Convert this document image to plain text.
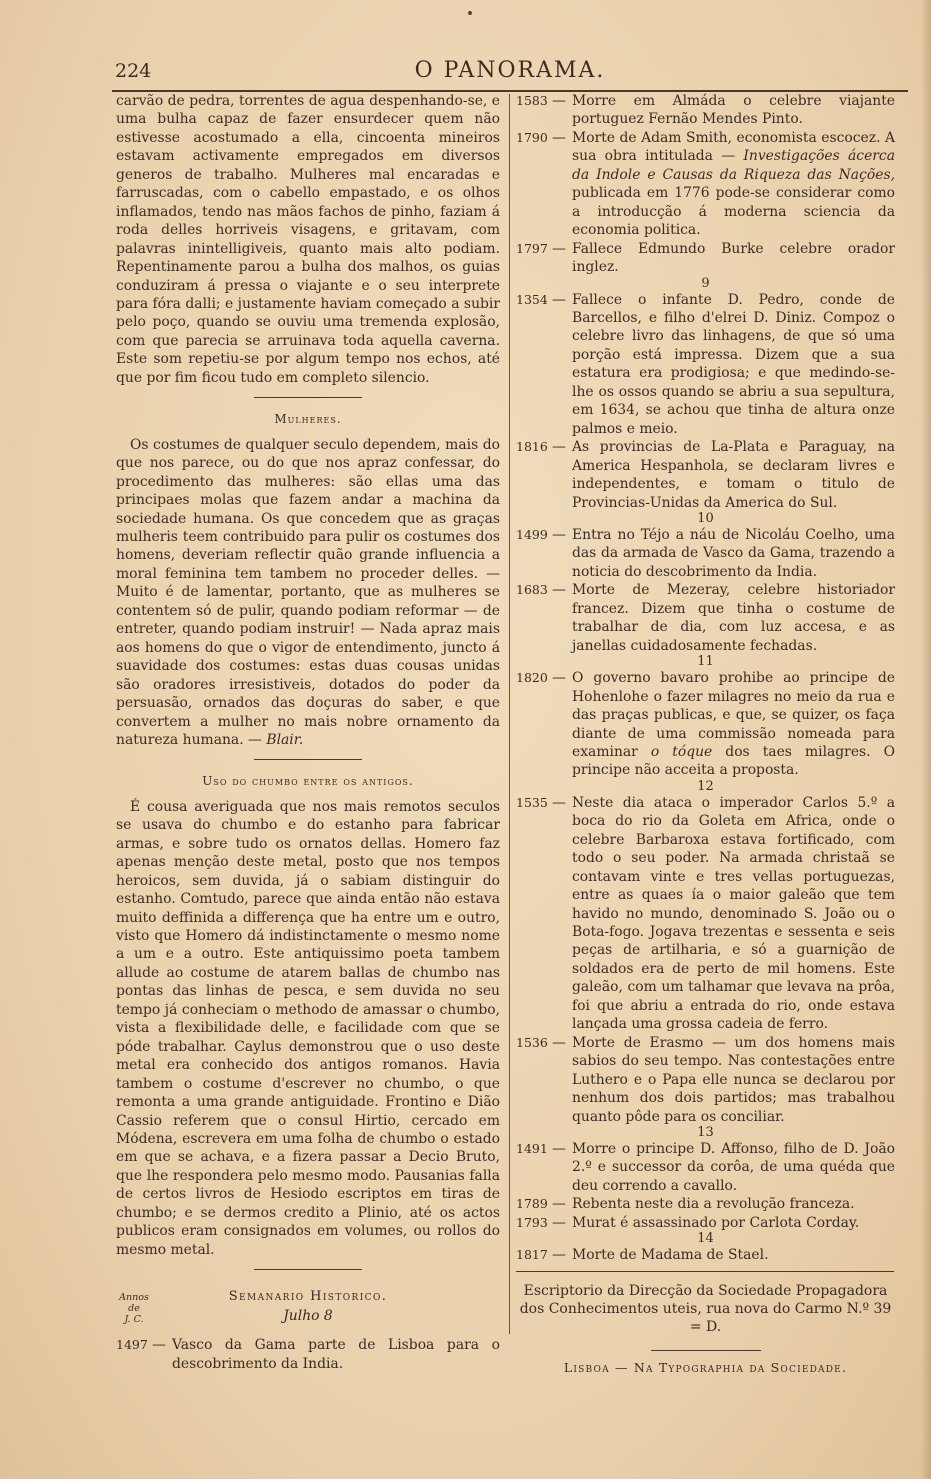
224	O PANORAMA.

carvão de pedra, torrentes de agua despenhando-se, e uma bulha capaz de fazer ensurdecer quem não estivesse acostumado a ella, cincoenta mineiros estavam activamente empregados em diversos generos de trabalho. Mulheres mal encaradas e farruscadas, com o cabello empastado, e os olhos inflamados, tendo nas mãos fachos de pinho, faziam á roda delles horriveis visagens, e gritavam, com palavras inintelligiveis, quanto mais alto podiam. Repentinamente parou a bulha dos malhos, os guias conduziram á pressa o viajante e o seu interprete para fóra dalli; e justamente haviam começado a subir pelo poço, quando se ouviu uma tremenda explosão, com que parecia se arruinava toda aquella caverna. Este som repetiu-se por algum tempo nos echos, até que por fim ficou tudo em completo silencio.

Mulheres.

Os costumes de qualquer seculo dependem, mais do que nos parece, ou do que nos apraz confessar, do procedimento das mulheres: são ellas uma das principaes molas que fazem andar a machina da sociedade humana. Os que concedem que as graças mulheris teem contribuido para pulir os costumes dos homens, deveriam reflectir quão grande influencia a moral feminina tem tambem no proceder delles. — Muito é de lamentar, portanto, que as mulheres se contentem só de pulir, quando podiam reformar — de entreter, quando podiam instruir! — Nada apraz mais aos homens do que o vigor de entendimento, juncto á suavidade dos costumes: estas duas cousas unidas são oradores irresistiveis, dotados do poder da persuasão, ornados das doçuras do saber, e que convertem a mulher no mais nobre ornamento da natureza humana. — Blair.

Uso do chumbo entre os antigos.

É cousa averiguada que nos mais remotos seculos se usava do chumbo e do estanho para fabricar armas, e sobre tudo os ornatos dellas. Homero faz apenas menção deste metal, posto que nos tempos heroicos, sem duvida, já o sabiam distinguir do estanho. Comtudo, parece que ainda então não estava muito deffinida a differença que ha entre um e outro, visto que Homero dá indistinctamente o mesmo nome a um e a outro. Este antiquissimo poeta tambem allude ao costume de atarem ballas de chumbo nas pontas das linhas de pesca, e sem duvida no seu tempo já conheciam o methodo de amassar o chumbo, vista a flexibilidade delle, e facilidade com que se póde trabalhar. Caylus demonstrou que o uso deste metal era conhecido dos antigos romanos. Havia tambem o costume d'escrever no chumbo, o que remonta a uma grande antiguidade. Frontino e Dião Cassio referem que o consul Hirtio, cercado em Módena, escrevera em uma folha de chumbo o estado em que se achava, e a fizera passar a Decio Bruto, que lhe respondera pelo mesmo modo. Pausanias falla de certos livros de Hesiodo escriptos em tiras de chumbo; e se dermos credito a Plinio, até os actos publicos eram consignados em volumes, ou rollos do mesmo metal.

Annos
de
J. C.
Semanario Historico.
Julho 8
1497 — Vasco da Gama parte de Lisboa para o descobrimento da India.
1583 — Morre em Almáda o celebre viajante portuguez Fernão Mendes Pinto.
1790 — Morte de Adam Smith, economista escocez. A sua obra intitulada — Investigações ácerca da Indole e Causas da Riqueza das Nações, publicada em 1776 pode-se considerar como a introducção á moderna sciencia da economia politica.
1797 — Fallece Edmundo Burke celebre orador inglez.
9
1354 — Fallece o infante D. Pedro, conde de Barcellos, e filho d'elrei D. Diniz. Compoz o celebre livro das linhagens, de que só uma porção está impressa. Dizem que a sua estatura era prodigiosa; e que medindo-se-lhe os ossos quando se abriu a sua sepultura, em 1634, se achou que tinha de altura onze palmos e meio.
1816 — As provincias de La-Plata e Paraguay, na America Hespanhola, se declaram livres e independentes, e tomam o titulo de Provincias-Unidas da America do Sul.
10
1499 — Entra no Téjo a náu de Nicoláu Coelho, uma das da armada de Vasco da Gama, trazendo a noticia do descobrimento da India.
1683 — Morte de Mezeray, celebre historiador francez. Dizem que tinha o costume de trabalhar de dia, com luz accesa, e as janellas cuidadosamente fechadas.
11
1820 — O governo bavaro prohibe ao principe de Hohenlohe o fazer milagres no meio da rua e das praças publicas, e que, se quizer, os faça diante de uma commissão nomeada para examinar o tóque dos taes milagres. O principe não acceita a proposta.
12
1535 — Neste dia ataca o imperador Carlos 5.º a boca do rio da Goleta em Africa, onde o celebre Barbaroxa estava fortificado, com todo o seu poder. Na armada christaã se contavam vinte e tres vellas portuguezas, entre as quaes ía o maior galeão que tem havido no mundo, denominado S. João ou o Bota-fogo. Jogava trezentas e sessenta e seis peças de artilharia, e só a guarnição de soldados era de perto de mil homens. Este galeão, com um talhamar que levava na prôa, foi que abriu a entrada do rio, onde estava lançada uma grossa cadeia de ferro.
1536 — Morte de Erasmo — um dos homens mais sabios do seu tempo. Nas contestações entre Luthero e o Papa elle nunca se declarou por nenhum dos dois partidos; mas trabalhou quanto pôde para os conciliar.
13
1491 — Morre o principe D. Affonso, filho de D. João 2.º e successor da corôa, de uma quéda que deu correndo a cavallo.
1789 — Rebenta neste dia a revolução franceza.
1793 — Murat é assassinado por Carlota Corday.
14
1817 — Morte de Madama de Stael.
Escriptorio da Direcção da Sociedade Propagadora dos Conhecimentos uteis, rua nova do Carmo N.º 39 = D.
Lisboa — Na Typographia da Sociedade.
